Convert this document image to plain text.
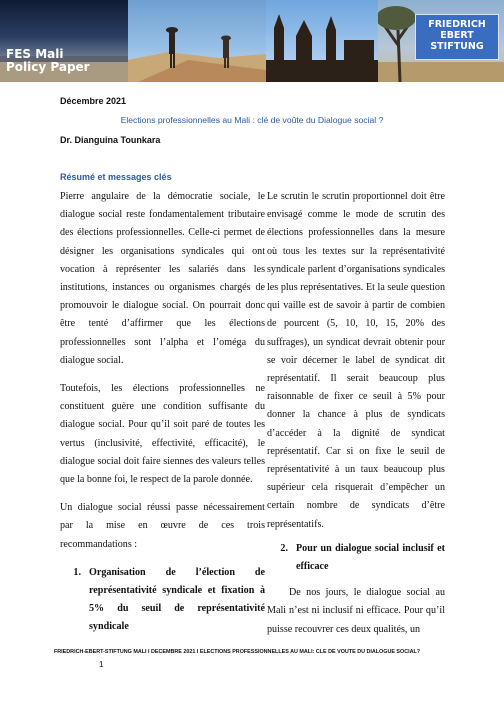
FES Mali
Policy Paper
FRIEDRICH
EBERT
STIFTUNG
Décembre 2021
Elections professionnelles au Mali : clé de voûte du Dialogue social ?
Dr. Dianguina Tounkara
Résumé et messages clés

Pierre angulaire de la démocratie sociale, le dialogue social reste fondamentalement tributaire des élections professionnelles. Celle-ci permet de désigner les organisations syndicales qui ont vocation à représenter les salariés dans les institutions, instances ou organismes chargés de promouvoir le dialogue social. On pourrait donc être tenté d’affirmer que les élections professionnelles sont l’alpha et l’oméga du dialogue social.

Toutefois, les élections professionnelles ne constituent guère une condition suffisante du dialogue social. Pour qu’il soit paré de toutes les vertus (inclusivité, effectivité, efficacité), le dialogue social doit faire siennes des valeurs telles que la bonne foi, le respect de la parole donnée.

Un dialogue social réussi passe nécessairement par la mise en œuvre de ces trois recommandations :

1. Organisation de l’élection de représentativité syndicale et fixation à 5% du seuil de représentativité syndicale

Le scrutin le scrutin proportionnel doit être envisagé comme le mode de scrutin des élections professionnelles dans la mesure où tous les textes sur la représentativité syndicale parlent d’organisations syndicales les plus représentatives. Et la seule question qui vaille est de savoir à partir de combien de pourcent (5, 10, 10, 15, 20% des suffrages), un syndicat devrait obtenir pour se voir décerner le label de syndicat dit représentatif. Il serait beaucoup plus raisonnable de fixer ce seuil à 5% pour donner la chance à plus de syndicats d’accéder à la dignité de syndicat représentatif. Car si on fixe le seuil de représentativité à un taux beaucoup plus supérieur cela risquerait d’empêcher un certain nombre de syndicats d’être représentatifs.

2. Pour un dialogue social inclusif et efficace

De nos jours, le dialogue social au Mali n’est ni inclusif ni efficace. Pour qu’il puisse recouvrer ces deux qualités, un

FRIEDRICH-EBERT-STIFTUNG MALI I DECEMBRE 2021 I ELECTIONS PROFESSIONNELLES AU MALI: CLE DE VOUTE DU DIALOGUE SOCIAL?
1
